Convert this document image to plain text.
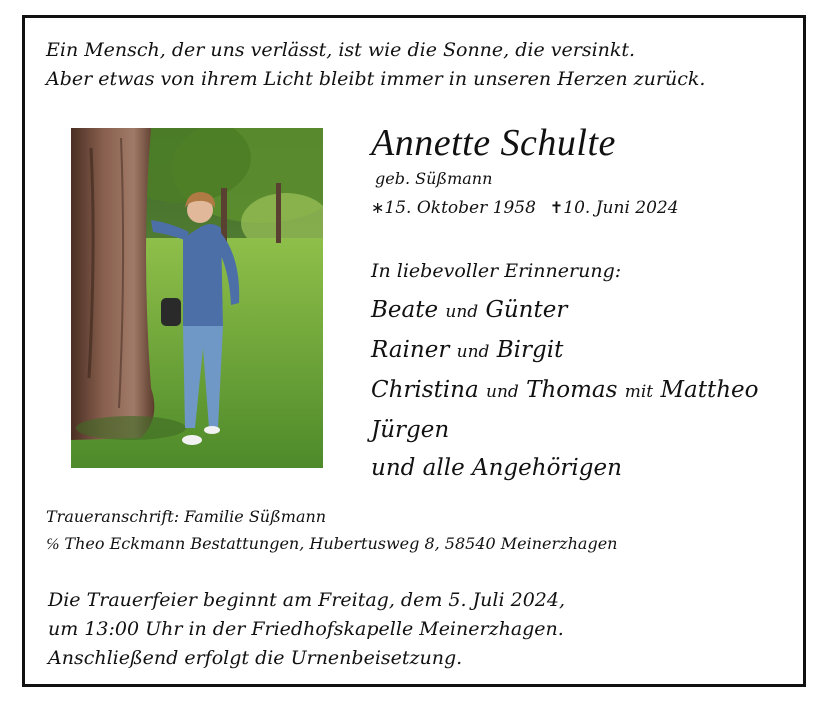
Ein Mensch, der uns verlässt, ist wie die Sonne, die versinkt.
Aber etwas von ihrem Licht bleibt immer in unseren Herzen zurück.
Annette Schulte
geb. Süßmann
∗15. Oktober 1958 ✝10. Juni 2024
In liebevoller Erinnerung:
Beate und Günter
Rainer und Birgit
Christina und Thomas mit Mattheo
Jürgen
und alle Angehörigen
Traueranschrift: Familie Süßmann
℅ Theo Eckmann Bestattungen, Hubertusweg 8, 58540 Meinerzhagen
Die Trauerfeier beginnt am Freitag, dem 5. Juli 2024,
um 13:00 Uhr in der Friedhofskapelle Meinerzhagen.
Anschließend erfolgt die Urnenbeisetzung.
